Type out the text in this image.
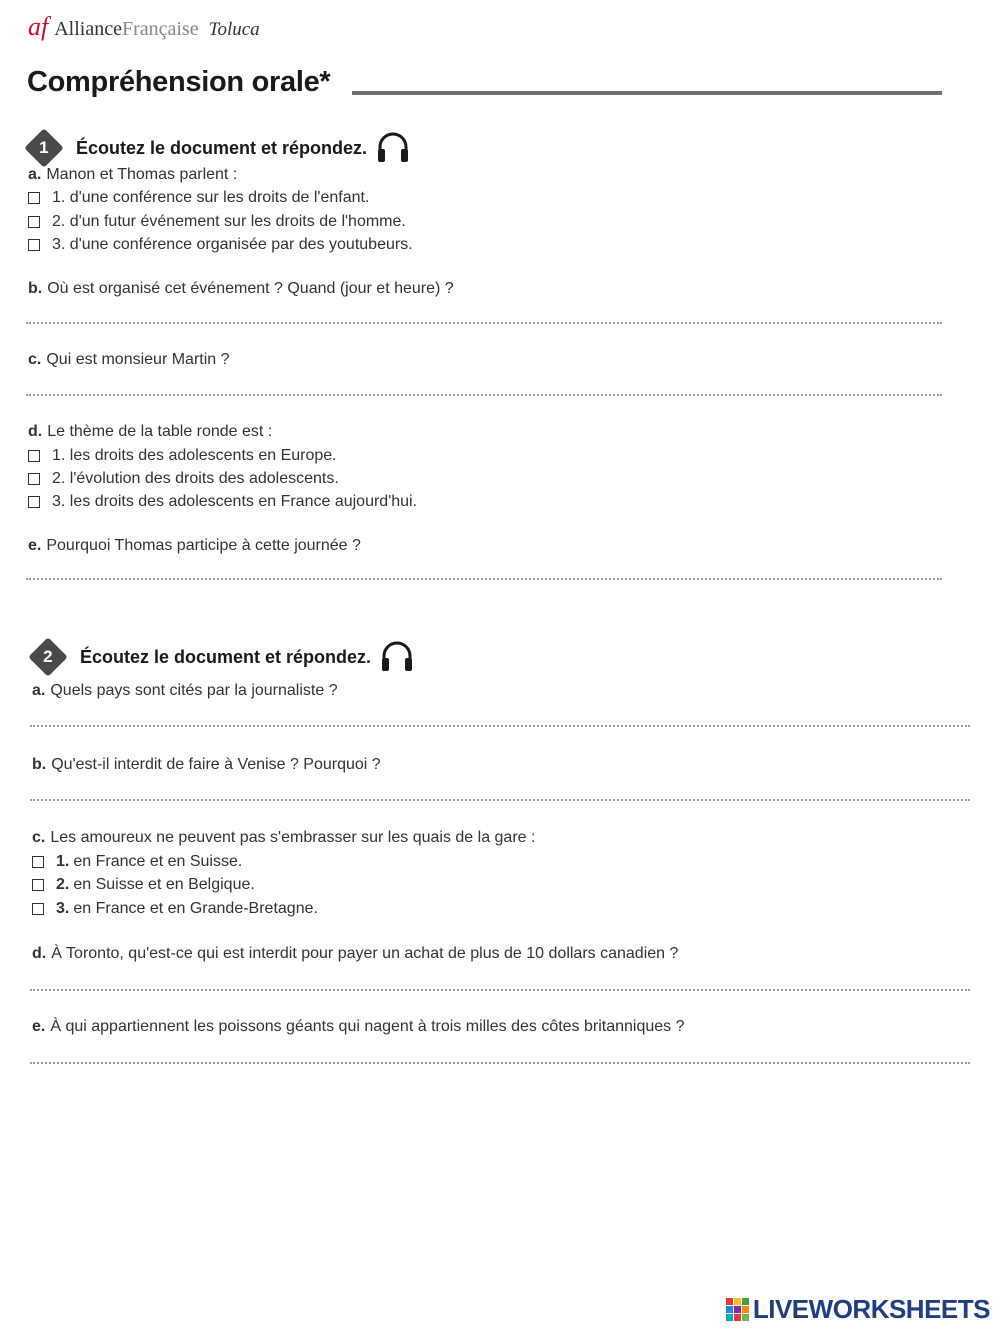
af Alliance Française Toluca
Compréhension orale*
1 Écoutez le document et répondez.
a. Manon et Thomas parlent :
1. d'une conférence sur les droits de l'enfant.
2. d'un futur événement sur les droits de l'homme.
3. d'une conférence organisée par des youtubeurs.
b. Où est organisé cet événement ? Quand (jour et heure) ?
c. Qui est monsieur Martin ?
d. Le thème de la table ronde est :
1. les droits des adolescents en Europe.
2. l'évolution des droits des adolescents.
3. les droits des adolescents en France aujourd'hui.
e. Pourquoi Thomas participe à cette journée ?
2 Écoutez le document et répondez.
a. Quels pays sont cités par la journaliste ?
b. Qu'est-il interdit de faire à Venise ? Pourquoi ?
c. Les amoureux ne peuvent pas s'embrasser sur les quais de la gare :
1. en France et en Suisse.
2. en Suisse et en Belgique.
3. en France et en Grande-Bretagne.
d. À Toronto, qu'est-ce qui est interdit pour payer un achat de plus de 10 dollars canadien ?
e. À qui appartiennent les poissons géants qui nagent à trois milles des côtes britanniques ?
LIVEWORKSHEETS
